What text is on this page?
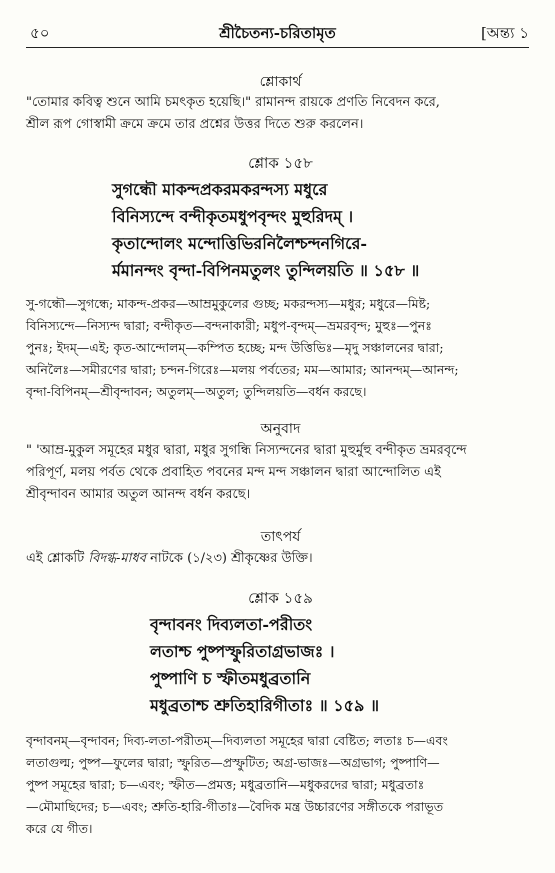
৫০	শ্রীচৈতন্য-চরিতামৃত	[অন্ত্য ১
শ্লোকার্থ
"তোমার কবিত্ব শুনে আমি চমৎকৃত হয়েছি।" রামানন্দ রায়কে প্রণতি নিবেদন করে,
শ্রীল রূপ গোস্বামী ক্রমে ক্রমে তার প্রশ্নের উত্তর দিতে শুরু করলেন।
শ্লোক ১৫৮
সুগন্ধৌ মাকন্দপ্রকরমকরন্দস্য মধুরে
বিনিস্যন্দে বন্দীকৃতমধুপবৃন্দং মুহুরিদম্ ।
কৃতান্দোলং মন্দোত্তিভিরনিলৈশ্চন্দনগিরে-
র্মমানন্দং বৃন্দা-বিপিনমতুলং তুন্দিলয়তি ॥ ১৫৮ ॥
সু-গন্ধৌ—সুগন্ধে; মাকন্দ-প্রকর—আম্রমুকুলের গুচ্ছ; মকরন্দস্য—মধুর; মধুরে—মিষ্ট;
বিনিস্যন্দে—নিস্যন্দ দ্বারা; বন্দীকৃত—বন্দনাকারী; মধুপ-বৃন্দম্—ভ্রমরবৃন্দ; মুহুঃ—পুনঃ
পুনঃ; ইদম্—এই; কৃত-আন্দোলম্—কম্পিত হচ্ছে; মন্দ উত্তিভিঃ—মৃদু সঞ্চালনের দ্বারা;
অনিলৈঃ—সমীরণের দ্বারা; চন্দন-গিরেঃ—মলয় পর্বতের; মম—আমার; আনন্দম্—আনন্দ;
বৃন্দা-বিপিনম্—শ্রীবৃন্দাবন; অতুলম্—অতুল; তুন্দিলয়তি—বর্ধন করছে।
অনুবাদ
" 'আম্র-মুকুল সমূহের মধুর দ্বারা, মধুর সুগন্ধি নিস্যন্দনের দ্বারা মুহুর্মুহু বন্দীকৃত ভ্রমরবৃন্দে
পরিপূর্ণ, মলয় পর্বত থেকে প্রবাহিত পবনের মন্দ মন্দ সঞ্চালন দ্বারা আন্দোলিত এই
শ্রীবৃন্দাবন আমার অতুল আনন্দ বর্ধন করছে।
তাৎপর্য
এই শ্লোকটি বিদগ্ধ-মাধব নাটকে (১/২৩) শ্রীকৃষ্ণের উক্তি।
শ্লোক ১৫৯
বৃন্দাবনং দিব্যলতা-পরীতং
লতাশ্চ পুষ্পস্ফুরিতাগ্রভাজঃ ।
পুষ্পাণি চ স্ফীতমধুব্রতানি
মধুব্রতাশ্চ শ্রুতিহারিগীতাঃ ॥ ১৫৯ ॥
বৃন্দাবনম্—বৃন্দাবন; দিব্য-লতা-পরীতম্—দিব্যলতা সমূহের দ্বারা বেষ্টিত; লতাঃ চ—এবং
লতাগুল্ম; পুষ্প—ফুলের দ্বারা; স্ফুরিত—প্রস্ফুটিত; অগ্র-ভাজঃ—অগ্রভাগ; পুষ্পাণি—
পুষ্প সমূহের দ্বারা; চ—এবং; স্ফীত—প্রমত্ত; মধুব্রতানি—মধুকরদের দ্বারা; মধুব্রতাঃ
—মৌমাছিদের; চ—এবং; শ্রুতি-হারি-গীতাঃ—বৈদিক মন্ত্র উচ্চারণের সঙ্গীতকে পরাভূত
করে যে গীত।
